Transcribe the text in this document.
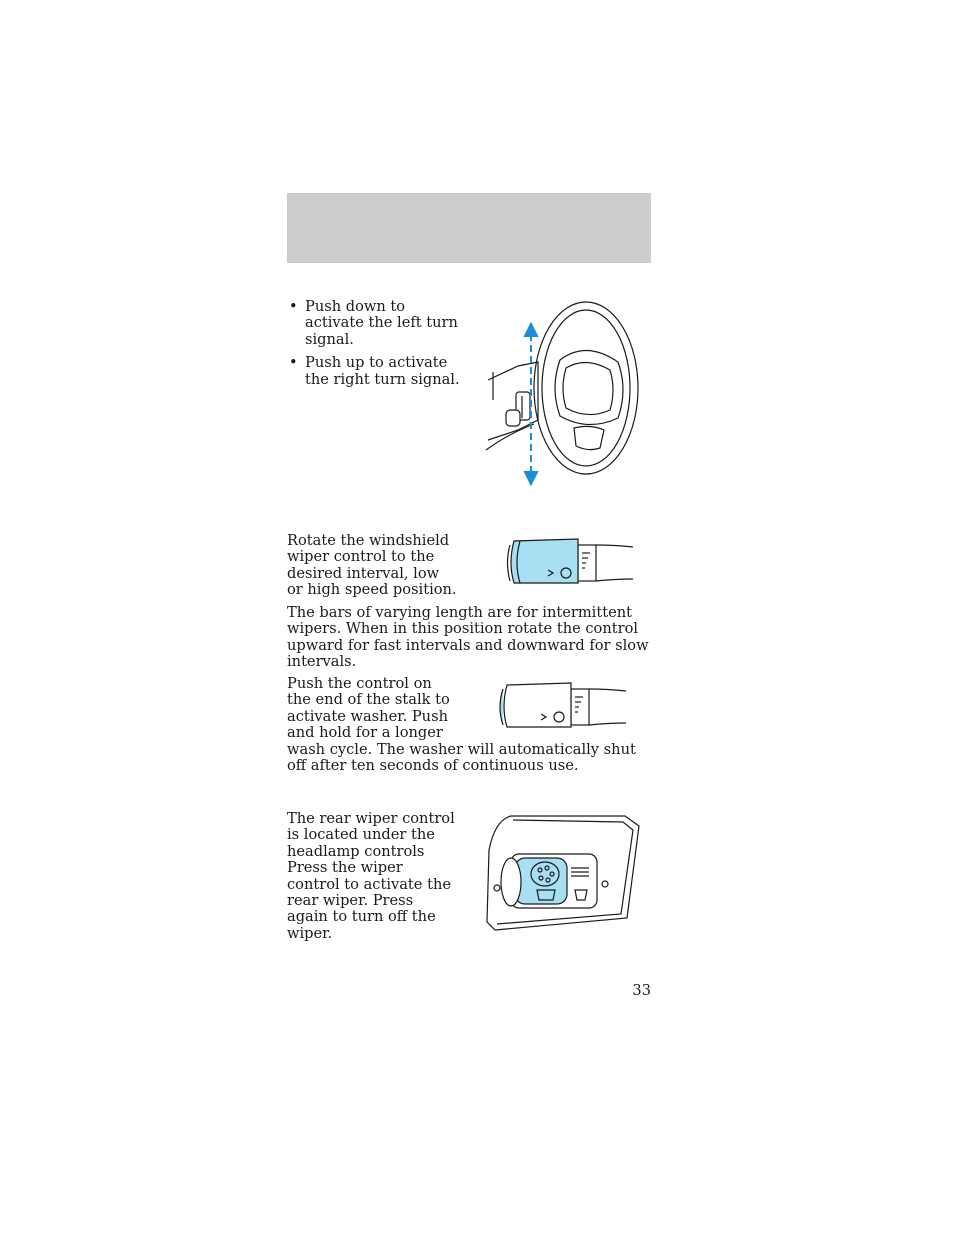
• Push down to activate the left turn signal.
• Push up to activate the right turn signal.

Rotate the windshield wiper control to the desired interval, low or high speed position.

The bars of varying length are for intermittent wipers. When in this position rotate the control upward for fast intervals and downward for slow intervals.

Push the control on the end of the stalk to activate washer. Push and hold for a longer

wash cycle. The washer will automatically shut off after ten seconds of continuous use.

The rear wiper control is located under the headlamp controls Press the wiper control to activate the rear wiper. Press again to turn off the wiper.

33
